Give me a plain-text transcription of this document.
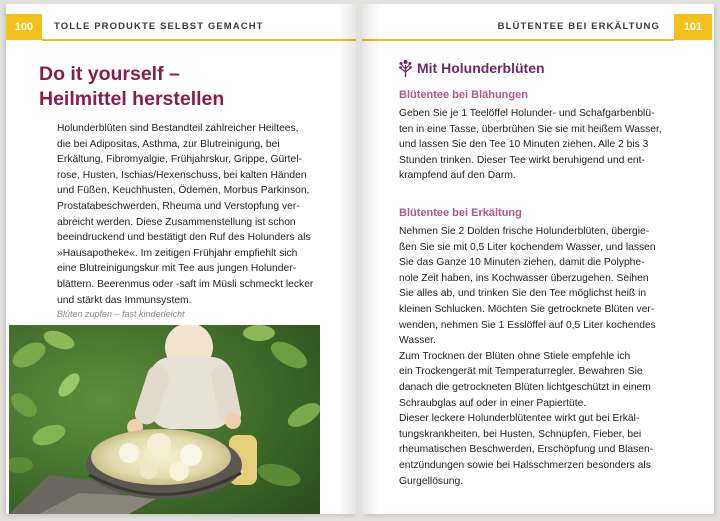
100	TOLLE PRODUKTE SELBST GEMACHT
Do it yourself –
Heilmittel herstellen
Holunderblüten sind Bestandteil zahlreicher Heiltees,
die bei Adipositas, Asthma, zur Blutreinigung, bei
Erkältung, Fibromyalgie, Frühjahrskur, Grippe, Gürtel-
rose, Husten, Ischias/Hexenschuss, bei kalten Händen
und Füßen, Keuchhusten, Ödemen, Morbus Parkinson,
Prostatabeschwerden, Rheuma und Verstopfung ver-
abreicht werden. Diese Zusammenstellung ist schon
beeindruckend und bestätigt den Ruf des Holunders als
»Hausapotheke«. Im zeitigen Frühjahr empfiehlt sich
eine Blutreinigungskur mit Tee aus jungen Holunder-
blättern. Beerenmus oder -saft im Müsli schmeckt lecker
und stärkt das Immunsystem.
Blüten zupfen – fast kinderleicht
BLÜTENTEE BEI ERKÄLTUNG	101
Mit Holunderblüten
Blütentee bei Blähungen
Geben Sie je 1 Teelöffel Holunder- und Schafgarbenblü-
ten in eine Tasse, überbrühen Sie sie mit heißem Wasser,
und lassen Sie den Tee 10 Minuten ziehen. Alle 2 bis 3
Stunden trinken. Dieser Tee wirkt beruhigend und ent-
krampfend auf den Darm.
Blütentee bei Erkältung
Nehmen Sie 2 Dolden frische Holunderblüten, übergie-
ßen Sie sie mit 0,5 Liter kochendem Wasser, und lassen
Sie das Ganze 10 Minuten ziehen, damit die Polyphe-
nole Zeit haben, ins Kochwasser überzugehen. Seihen
Sie alles ab, und trinken Sie den Tee möglichst heiß in
kleinen Schlucken. Möchten Sie getrocknete Blüten ver-
wenden, nehmen Sie 1 Esslöffel auf 0,5 Liter kochendes
Wasser.
Zum Trocknen der Blüten ohne Stiele empfehle ich
ein Trockengerät mit Temperaturregler. Bewahren Sie
danach die getrockneten Blüten lichtgeschützt in einem
Schraubglas auf oder in einer Papiertüte.
Dieser leckere Holunderblütentee wirkt gut bei Erkäl-
tungskrankheiten, bei Husten, Schnupfen, Fieber, bei
rheumatischen Beschwerden, Erschöpfung und Blasen-
entzündungen sowie bei Halsschmerzen besonders als
Gurgellösung.
